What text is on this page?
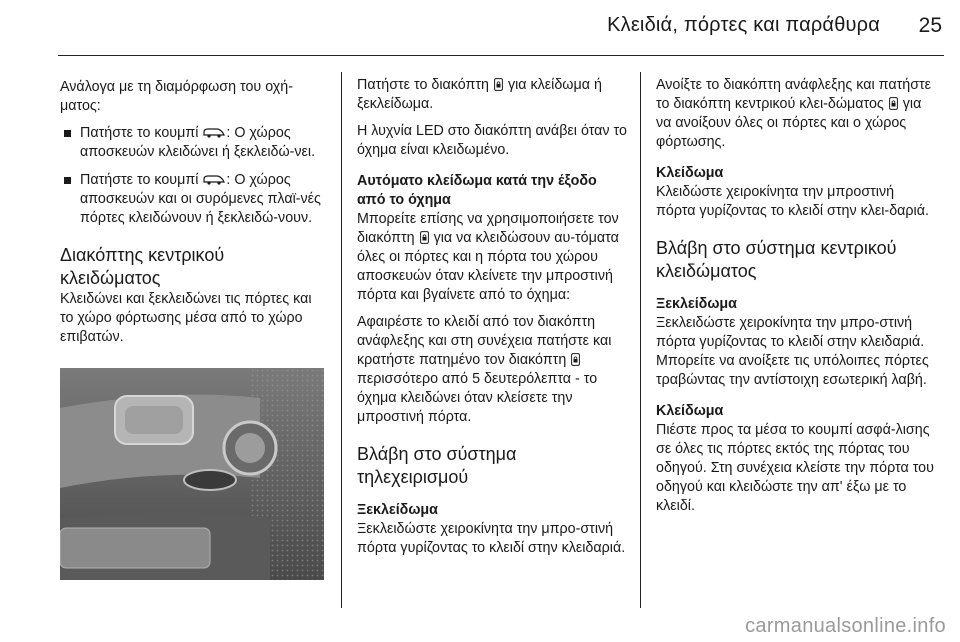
Κλειδιά, πόρτες και παράθυρα	25

Ανάλογα με τη διαμόρφωση του οχή-ματος:

Πατήστε το κουμπί : Ο χώρος αποσκευών κλειδώνει ή ξεκλειδώ-νει.
Πατήστε το κουμπί : Ο χώρος αποσκευών και οι συρόμενες πλαϊ-νές πόρτες κλειδώνουν ή ξεκλειδώ-νουν.
Διακόπτης κεντρικού κλειδώματος

Κλειδώνει και ξεκλειδώνει τις πόρτες και το χώρο φόρτωσης μέσα από το χώρο επιβατών.

Πατήστε το διακόπτη για κλείδωμα ή ξεκλείδωμα.

Η λυχνία LED στο διακόπτη ανάβει όταν το όχημα είναι κλειδωμένο.

Αυτόματο κλείδωμα κατά την έξοδο από το όχημα

Μπορείτε επίσης να χρησιμοποιήσετε τον διακόπτη για να κλειδώσουν αυ-τόματα όλες οι πόρτες και η πόρτα του χώρου αποσκευών όταν κλείνετε την μπροστινή πόρτα και βγαίνετε από το όχημα:

Αφαιρέστε το κλειδί από τον διακόπτη ανάφλεξης και στη συνέχεια πατήστε και κρατήστε πατημένο τον διακόπτη  περισσότερο από 5 δευτερόλεπτα - το όχημα κλειδώνει όταν κλείσετε την μπροστινή πόρτα.

Βλάβη στο σύστημα τηλεχειρισμού
Ξεκλείδωμα

Ξεκλειδώστε χειροκίνητα την μπρο-στινή πόρτα γυρίζοντας το κλειδί στην κλειδαριά.

Ανοίξτε το διακόπτη ανάφλεξης και πατήστε το διακόπτη κεντρικού κλει-δώματος για να ανοίξουν όλες οι πόρτες και ο χώρος φόρτωσης.

Κλείδωμα

Κλειδώστε χειροκίνητα την μπροστινή πόρτα γυρίζοντας το κλειδί στην κλει-δαριά.

Βλάβη στο σύστημα κεντρικού κλειδώματος
Ξεκλείδωμα

Ξεκλειδώστε χειροκίνητα την μπρο-στινή πόρτα γυρίζοντας το κλειδί στην κλειδαριά. Μπορείτε να ανοίξετε τις υπόλοιπες πόρτες τραβώντας την αντίστοιχη εσωτερική λαβή.

Κλείδωμα

Πιέστε προς τα μέσα το κουμπί ασφά-λισης σε όλες τις πόρτες εκτός της πόρτας του οδηγού. Στη συνέχεια κλείστε την πόρτα του οδηγού και κλειδώστε την απ' έξω με το κλειδί.

carmanualsonline.info
